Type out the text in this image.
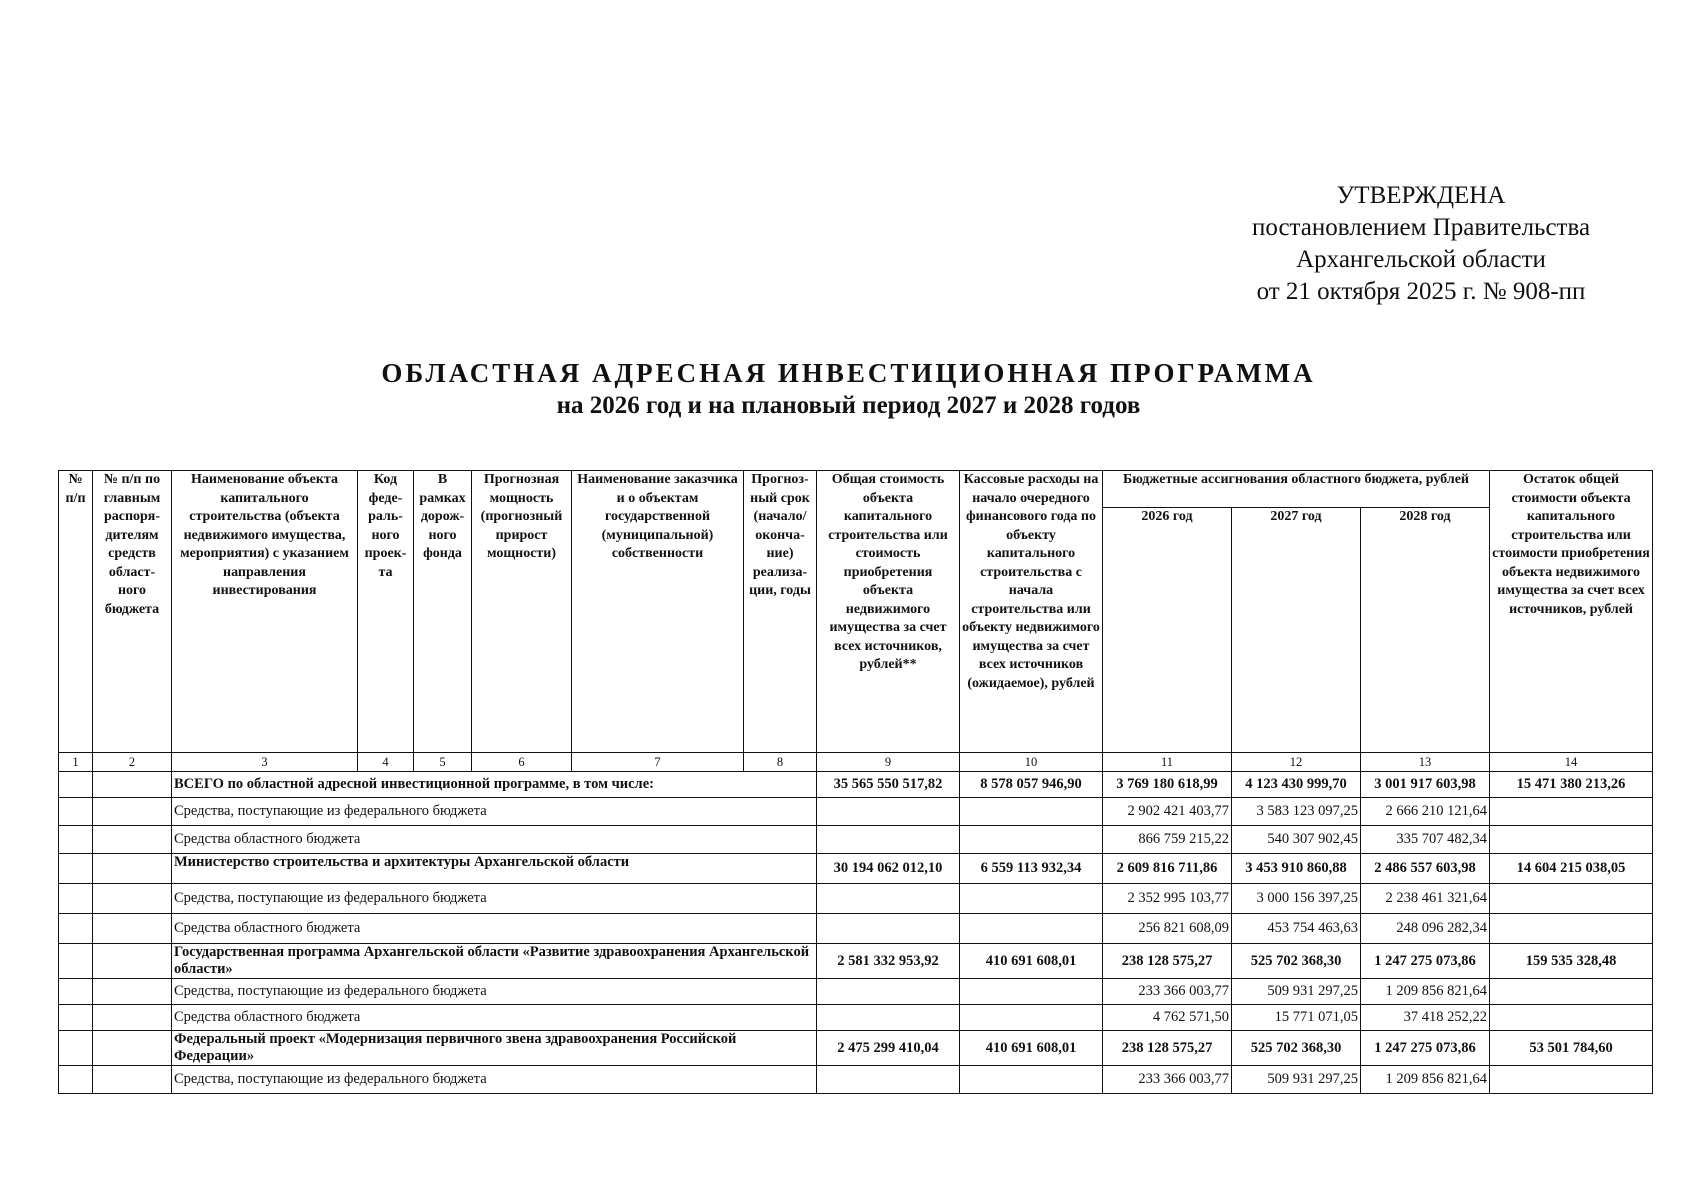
УТВЕРЖДЕНА
постановлением Правительства
Архангельской области
от 21 октября 2025 г. № 908-пп
ОБЛАСТНАЯ АДРЕСНАЯ ИНВЕСТИЦИОННАЯ ПРОГРАММА
на 2026 год и на плановый период 2027 и 2028 годов
№ п/п	№ п/п по главным распоря-дителям средств област-ного бюджета	Наименование объекта капитального строительства (объекта недвижимого имущества, мероприятия) с указанием направления инвестирования	Код феде-раль-ного проек-та	В рамках дорож-ного фонда	Прогнозная мощность (прогнозный прирост мощности)	Наименование заказчика и о объектам государственной (муниципальной) собственности	Прогноз-ный срок (начало/ оконча-ние) реализа-ции, годы	Общая стоимость объекта капитального строительства или стоимость приобретения объекта недвижимого имущества за счет всех источников, рублей**	Кассовые расходы на начало очередного финансового года по объекту капитального строительства с начала строительства или объекту недвижимого имущества за счет всех источников (ожидаемое), рублей	Бюджетные ассигнования областного бюджета, рублей			Остаток общей стоимости объекта капитального строительства или стоимости приобретения объекта недвижимого имущества за счет всех источников, рублей
										2026 год	2027 год	2028 год	
1	2	3	4	5	6	7	8	9	10	11	12	13	14
		ВСЕГО по областной адресной инвестиционной программе, в том числе:						35 565 550 517,82	8 578 057 946,90	3 769 180 618,99	4 123 430 999,70	3 001 917 603,98	15 471 380 213,26
		Средства, поступающие из федерального бюджета								2 902 421 403,77	3 583 123 097,25	2 666 210 121,64	
		Средства областного бюджета								866 759 215,22	540 307 902,45	335 707 482,34	
		Министерство строительства и архитектуры Архангельской области						30 194 062 012,10	6 559 113 932,34	2 609 816 711,86	3 453 910 860,88	2 486 557 603,98	14 604 215 038,05
		Средства, поступающие из федерального бюджета								2 352 995 103,77	3 000 156 397,25	2 238 461 321,64	
		Средства областного бюджета								256 821 608,09	453 754 463,63	248 096 282,34	
		Государственная программа Архангельской области «Развитие здравоохранения Архангельской области»						2 581 332 953,92	410 691 608,01	238 128 575,27	525 702 368,30	1 247 275 073,86	159 535 328,48
		Средства, поступающие из федерального бюджета								233 366 003,77	509 931 297,25	1 209 856 821,64	
		Средства областного бюджета								4 762 571,50	15 771 071,05	37 418 252,22	
		Федеральный проект «Модернизация первичного звена здравоохранения Российской Федерации»						2 475 299 410,04	410 691 608,01	238 128 575,27	525 702 368,30	1 247 275 073,86	53 501 784,60
		Средства, поступающие из федерального бюджета								233 366 003,77	509 931 297,25	1 209 856 821,64	
